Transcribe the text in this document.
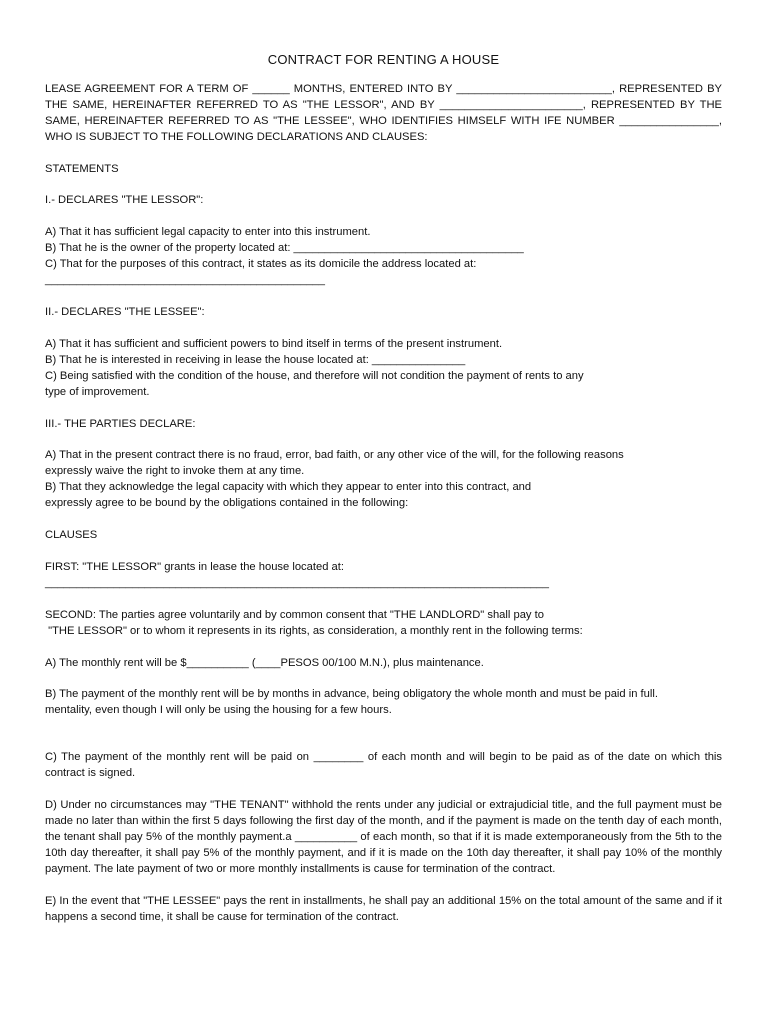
CONTRACT FOR RENTING A HOUSE

LEASE AGREEMENT FOR A TERM OF ______ MONTHS, ENTERED INTO BY _________________________, REPRESENTED BY THE SAME, HEREINAFTER REFERRED TO AS "THE LESSOR", AND BY _______________________, REPRESENTED BY THE SAME, HEREINAFTER REFERRED TO AS "THE LESSEE", WHO IDENTIFIES HIMSELF WITH IFE NUMBER ________________, WHO IS SUBJECT TO THE FOLLOWING DECLARATIONS AND CLAUSES:

STATEMENTS

I.- DECLARES "THE LESSOR":

A) That it has sufficient legal capacity to enter into this instrument.

B) That he is the owner of the property located at: _____________________________________

C) That for the purposes of this contract, it states as its domicile the address located at:

_____________________________________________

II.- DECLARES "THE LESSEE":

A) That it has sufficient and sufficient powers to bind itself in terms of the present instrument.

B) That he is interested in receiving in lease the house located at: _______________

C) Being satisfied with the condition of the house, and therefore will not condition the payment of rents to any

type of improvement.

III.- THE PARTIES DECLARE:

A) That in the present contract there is no fraud, error, bad faith, or any other vice of the will, for the following reasons

expressly waive the right to invoke them at any time.

B) That they acknowledge the legal capacity with which they appear to enter into this contract, and

expressly agree to be bound by the obligations contained in the following:

CLAUSES

FIRST: "THE LESSOR" grants in lease the house located at:

_________________________________________________________________________________

SECOND: The parties agree voluntarily and by common consent that "THE LANDLORD" shall pay to

"THE LESSOR" or to whom it represents in its rights, as consideration, a monthly rent in the following terms:

A) The monthly rent will be $__________ (____PESOS 00/100 M.N.), plus maintenance.

B) The payment of the monthly rent will be by months in advance, being obligatory the whole month and must be paid in full.

mentality, even though I will only be using the housing for a few hours.

C) The payment of the monthly rent will be paid on ________ of each month and will begin to be paid as of the date on which this contract is signed.

D) Under no circumstances may "THE TENANT" withhold the rents under any judicial or extrajudicial title, and the full payment must be made no later than within the first 5 days following the first day of the month, and if the payment is made on the tenth day of each month, the tenant shall pay 5% of the monthly payment.a __________ of each month, so that if it is made extemporaneously from the 5th to the 10th day thereafter, it shall pay 5% of the monthly payment, and if it is made on the 10th day thereafter, it shall pay 10% of the monthly payment. The late payment of two or more monthly installments is cause for termination of the contract.

E) In the event that "THE LESSEE" pays the rent in installments, he shall pay an additional 15% on the total amount of the same and if it happens a second time, it shall be cause for termination of the contract.
